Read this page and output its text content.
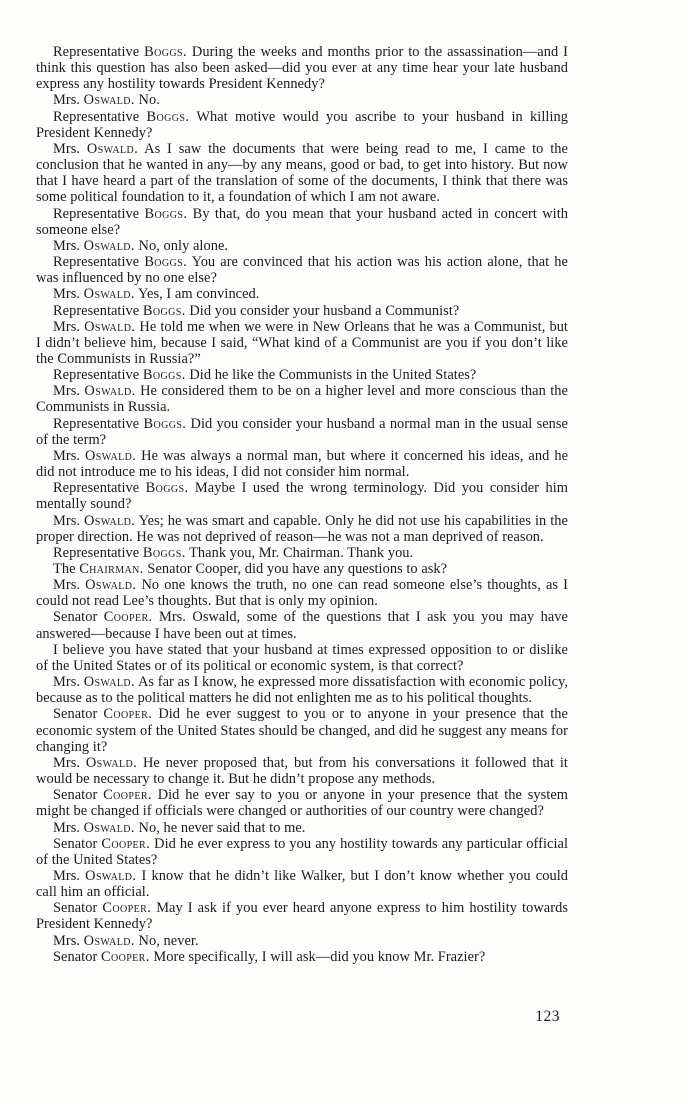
Representative Boggs. During the weeks and months prior to the assassination—and I think this question has also been asked—did you ever at any time hear your late husband express any hostility towards President Kennedy?

Mrs. Oswald. No.

Representative Boggs. What motive would you ascribe to your husband in killing President Kennedy?

Mrs. Oswald. As I saw the documents that were being read to me, I came to the conclusion that he wanted in any—by any means, good or bad, to get into history. But now that I have heard a part of the translation of some of the documents, I think that there was some political foundation to it, a foundation of which I am not aware.

Representative Boggs. By that, do you mean that your husband acted in concert with someone else?

Mrs. Oswald. No, only alone.

Representative Boggs. You are convinced that his action was his action alone, that he was influenced by no one else?

Mrs. Oswald. Yes, I am convinced.

Representative Boggs. Did you consider your husband a Communist?

Mrs. Oswald. He told me when we were in New Orleans that he was a Communist, but I didn’t believe him, because I said, “What kind of a Communist are you if you don’t like the Communists in Russia?”

Representative Boggs. Did he like the Communists in the United States?

Mrs. Oswald. He considered them to be on a higher level and more conscious than the Communists in Russia.

Representative Boggs. Did you consider your husband a normal man in the usual sense of the term?

Mrs. Oswald. He was always a normal man, but where it concerned his ideas, and he did not introduce me to his ideas, I did not consider him normal.

Representative Boggs. Maybe I used the wrong terminology. Did you consider him mentally sound?

Mrs. Oswald. Yes; he was smart and capable. Only he did not use his capabilities in the proper direction. He was not deprived of reason—he was not a man deprived of reason.

Representative Boggs. Thank you, Mr. Chairman. Thank you.

The Chairman. Senator Cooper, did you have any questions to ask?

Mrs. Oswald. No one knows the truth, no one can read someone else’s thoughts, as I could not read Lee’s thoughts. But that is only my opinion.

Senator Cooper. Mrs. Oswald, some of the questions that I ask you you may have answered—because I have been out at times.

I believe you have stated that your husband at times expressed opposition to or dislike of the United States or of its political or economic system, is that correct?

Mrs. Oswald. As far as I know, he expressed more dissatisfaction with economic policy, because as to the political matters he did not enlighten me as to his political thoughts.

Senator Cooper. Did he ever suggest to you or to anyone in your presence that the economic system of the United States should be changed, and did he suggest any means for changing it?

Mrs. Oswald. He never proposed that, but from his conversations it followed that it would be necessary to change it. But he didn’t propose any methods.

Senator Cooper. Did he ever say to you or anyone in your presence that the system might be changed if officials were changed or authorities of our country were changed?

Mrs. Oswald. No, he never said that to me.

Senator Cooper. Did he ever express to you any hostility towards any particular official of the United States?

Mrs. Oswald. I know that he didn’t like Walker, but I don’t know whether you could call him an official.

Senator Cooper. May I ask if you ever heard anyone express to him hostility towards President Kennedy?

Mrs. Oswald. No, never.

Senator Cooper. More specifically, I will ask—did you know Mr. Frazier?

123
